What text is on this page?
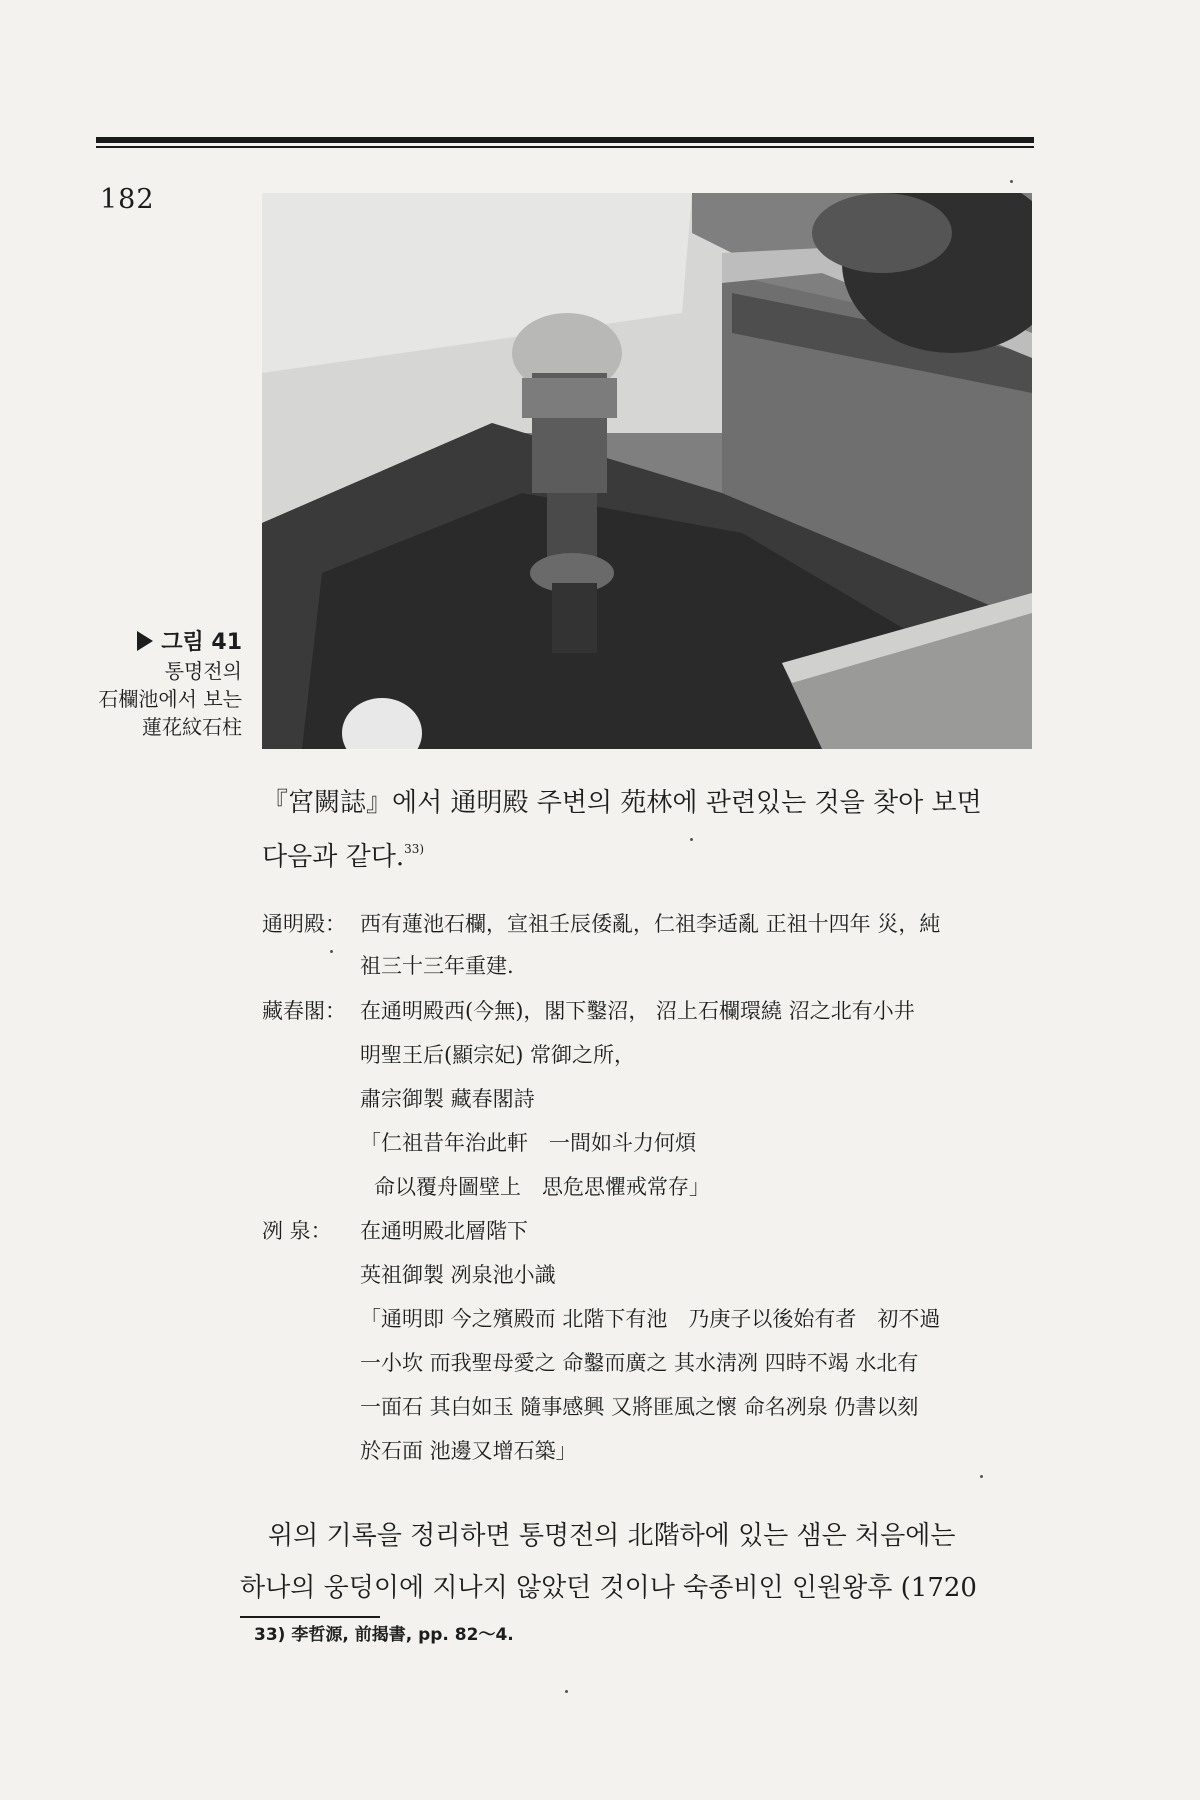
182
그림 41
통명전의
石欄池에서 보는
蓮花紋石柱
『宮闕誌』에서 通明殿 주변의 苑林에 관련있는 것을 찾아 보면
다음과 같다.$^{33)}$
通明殿： 西有蓮池石欄，宣祖壬辰倭亂，仁祖李适亂 正祖十四年 災，純
祖三十三年重建.
藏春閣： 在通明殿西(今無)，閣下鑿沼， 沼上石欄環繞 沼之北有小井
明聖王后(顯宗妃) 常御之所，
肅宗御製 藏春閣詩
「仁祖昔年治此軒　一間如斗力何煩
命以覆舟圖壁上　思危思懼戒常存」
冽 泉： 在通明殿北層階下
英祖御製 冽泉池小識
「通明即 今之殯殿而 北階下有池　乃庚子以後始有者　初不過
一小坎 而我聖母愛之 命鑿而廣之 其水淸冽 四時不竭 水北有
一面石 其白如玉 隨事感興 又將匪風之懷 命名冽泉 仍書以刻
於石面 池邊又增石築」
위의 기록을 정리하면 통명전의 北階하에 있는 샘은 처음에는
하나의 웅덩이에 지나지 않았던 것이나 숙종비인 인원왕후 (1720
33) 李哲源, 前揭書, pp. 82～4.
